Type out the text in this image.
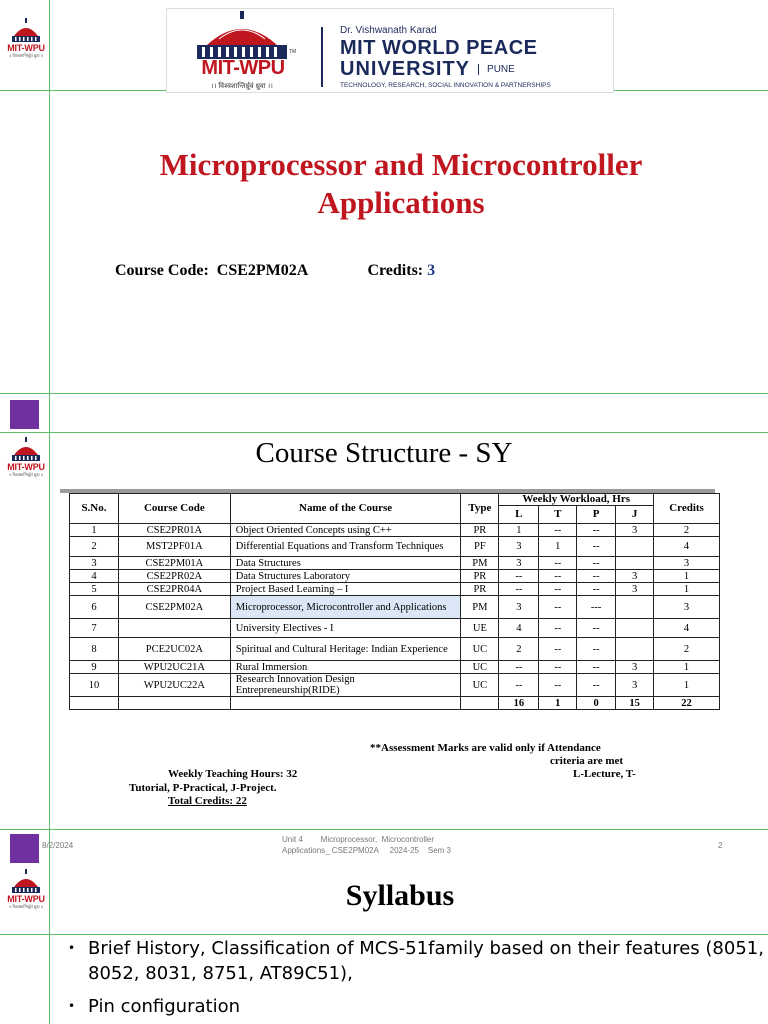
MIT-WPU
॥ विश्वशान्तिर्ध्रुवं ध्रुवा ॥
MIT-WPU
।। विश्वशान्तिर्ध्रुवं ध्रुवा ।।
TM
Dr. Vishwanath Karad
MIT WORLD PEACE
UNIVERSITY PUNE
TECHNOLOGY, RESEARCH, SOCIAL INNOVATION & PARTNERSHIPS
Microprocessor and Microcontroller
Applications
Course Code: CSE2PM02A	Credits: 3
MIT-WPU
॥ विश्वशान्तिर्ध्रुवं ध्रुवा ॥
Course Structure - SY
S.No.	Course Code	Name of the Course	Type	Weekly Workload, Hrs				Credits
				L	T	P	J	
1	CSE2PR01A	Object Oriented Concepts using C++	PR	1	--	--	3	2
2	MST2PF01A	Differential Equations and Transform Techniques	PF	3	1	--		4
3	CSE2PM01A	Data Structures	PM	3	--	--		3
4	CSE2PR02A	Data Structures Laboratory	PR	--	--	--	3	1
5	CSE2PR04A	Project Based Learning – I	PR	--	--	--	3	1
6	CSE2PM02A	Microprocessor, Microcontroller and Applications	PM	3	--	---		3
7		University Electives - I	UE	4	--	--		4
8	PCE2UC02A	Spiritual and Cultural Heritage: Indian Experience	UC	2	--	--		2
9	WPU2UC21A	Rural Immersion	UC	--	--	--	3	1
10	WPU2UC22A	Research Innovation Design Entrepreneurship(RIDE)	UC	--	--	--	3	1
				16	1	0	15	22
**Assessment Marks are valid only if Attendance
criteria are met
Weekly Teaching Hours: 32	L-Lecture, T-
Tutorial, P-Practical, J-Project.
Total Credits: 22
8/2/2024
Unit 4        Microprocessor,  Microcontroller
Applications_ CSE2PM02A     2024-25    Sem 3
2
MIT-WPU
॥ विश्वशान्तिर्ध्रुवं ध्रुवा ॥	Syllabus
• Brief History, Classification of MCS-51family based on their features (8051, 8052, 8031, 8751, AT89C51),
• Pin configuration
